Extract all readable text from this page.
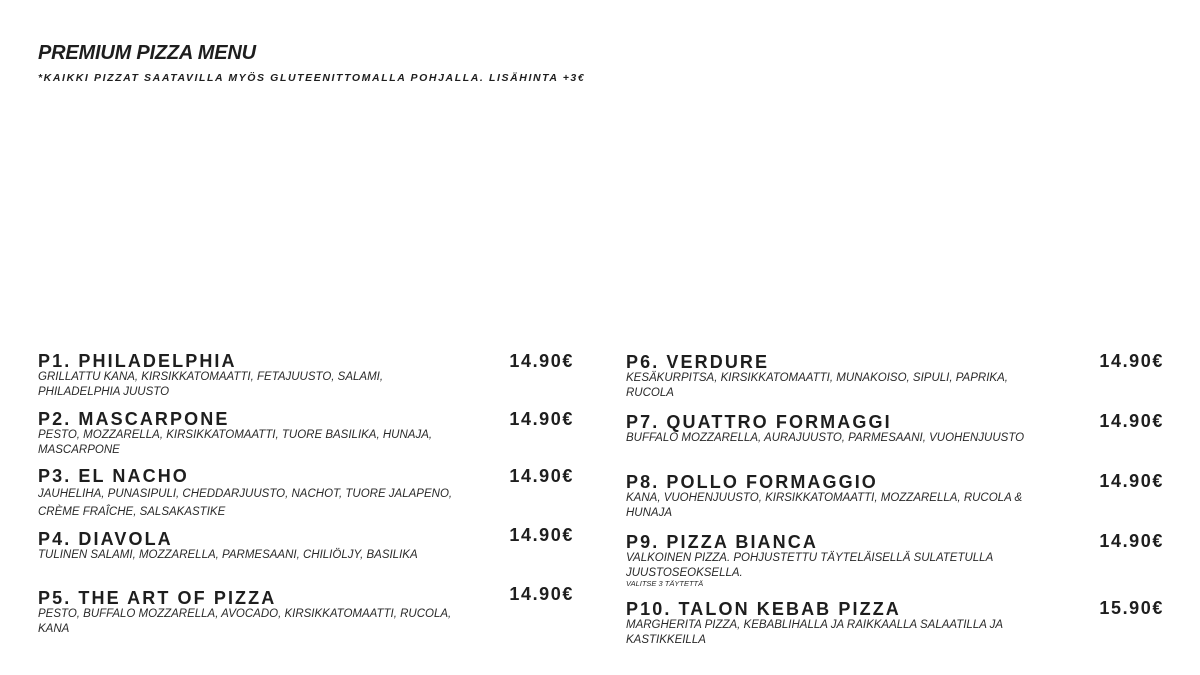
PREMIUM PIZZA MENU
*KAIKKI PIZZAT SAATAVILLA MYÖS GLUTEENITTOMALLA POHJALLA. LISÄHINTA +3€
P1. PHILADELPHIA	14.90€
GRILLATTU KANA, KIRSIKKATOMAATTI, FETAJUUSTO, SALAMI, PHILADELPHIA JUUSTO
P2. MASCARPONE	14.90€
PESTO, MOZZARELLA, KIRSIKKATOMAATTI, TUORE BASILIKA, HUNAJA, MASCARPONE
P3. EL NACHO	14.90€
JAUHELIHA, PUNASIPULI, CHEDDARJUUSTO, NACHOT, TUORE JALAPENO, CRÈME FRAÎCHE, SALSAKASTIKE
P4. DIAVOLA	14.90€
TULINEN SALAMI, MOZZARELLA, PARMESAANI, CHILIÖLJY, BASILIKA
P5. THE ART OF PIZZA	14.90€
PESTO, BUFFALO MOZZARELLA, AVOCADO, KIRSIKKATOMAATTI, RUCOLA, KANA
P6. VERDURE	14.90€
KESÄKURPITSA, KIRSIKKATOMAATTI, MUNAKOISO, SIPULI, PAPRIKA, RUCOLA
P7. QUATTRO FORMAGGI	14.90€
BUFFALO MOZZARELLA, AURAJUUSTO, PARMESAANI, VUOHENJUUSTO
P8. POLLO FORMAGGIO	14.90€
KANA, VUOHENJUUSTO, KIRSIKKATOMAATTI, MOZZARELLA, RUCOLA & HUNAJA
P9. PIZZA BIANCA	14.90€
VALKOINEN PIZZA. POHJUSTETTU TÄYTELÄISELLÄ SULATETULLA JUUSTOSEOKSELLA.
VALITSE 3 TÄYTETTÄ
P10. TALON KEBAB PIZZA	15.90€
MARGHERITA PIZZA, KEBABLIHALLA JA RAIKKAALLA SALAATILLA JA KASTIKKEILLA
